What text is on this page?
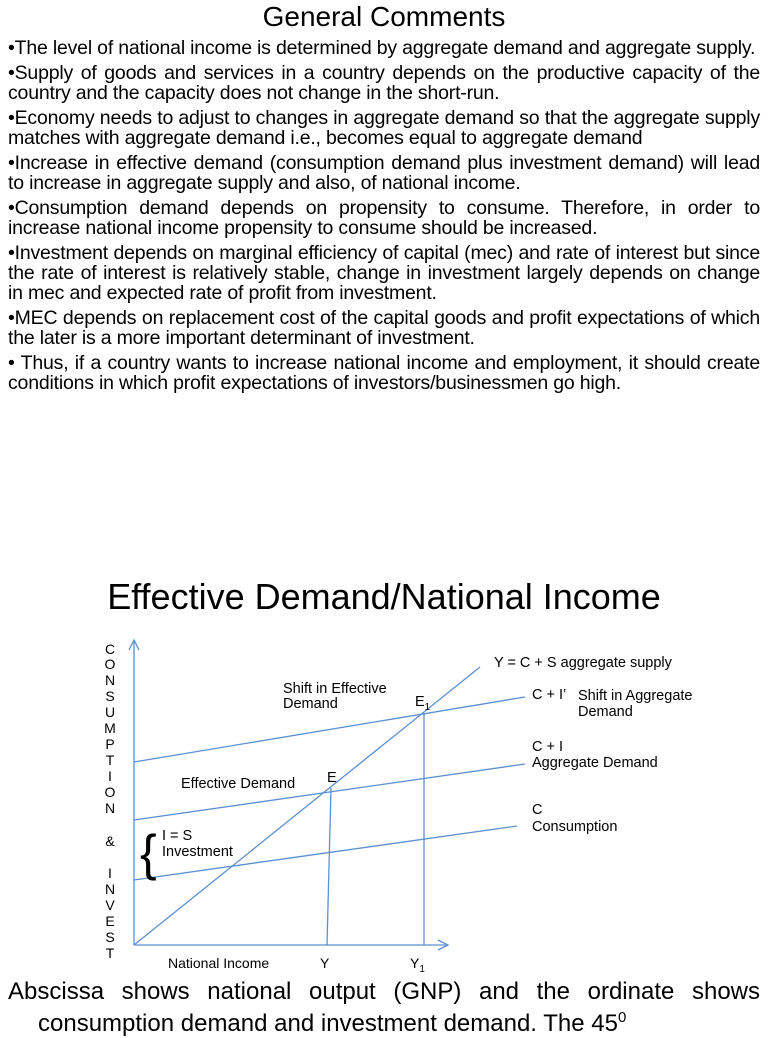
General Comments

•The level of national income is determined by aggregate demand and aggregate supply.

•Supply of goods and services in a country depends on the productive capacity of the country and the capacity does not change in the short-run.

•Economy needs to adjust to changes in aggregate demand so that the aggregate supply matches with aggregate demand i.e., becomes equal to aggregate demand

•Increase in effective demand (consumption demand plus investment demand) will lead to increase in aggregate supply and also, of national income.

•Consumption demand depends on propensity to consume. Therefore, in order to increase national income propensity to consume should be increased.

•Investment depends on marginal efficiency of capital (mec) and rate of interest but since the rate of interest is relatively stable, change in investment largely depends on change in mec and expected rate of profit from investment.

•MEC depends on replacement cost of the capital goods and profit expectations of which the later is a more important determinant of investment.

• Thus, if a country wants to increase national income and employment, it should create conditions in which profit expectations of investors/businessmen go high.

Effective Demand/National Income
C
O
N
S
U
M
P
T
I
O
N
&
I
N
V
E
S
T
National Income	Y	$Y_1$
Y = C + S aggregate supply
C + I’ Shift in Aggregate
Demand
C + I
Aggregate Demand
C
Consumption
Shift in Effective
Demand	$E_1$
Effective Demand E
{ I = S
Investment
Abscissa shows national output (GNP) and the ordinate shows
consumption demand and investment demand. The $45^0$
